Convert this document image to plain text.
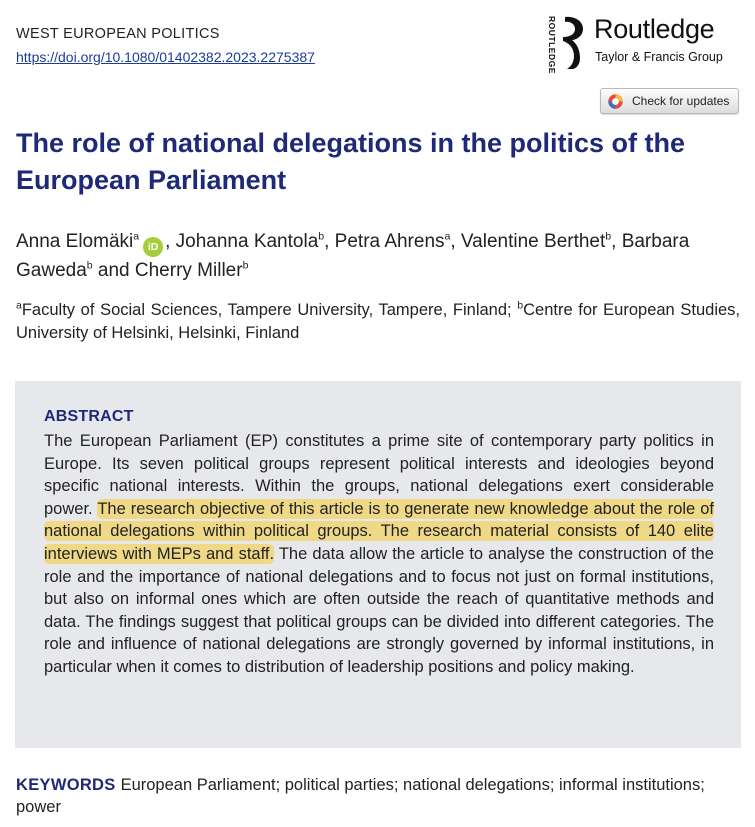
WEST EUROPEAN POLITICS
https://doi.org/10.1080/01402382.2023.2275387	ROUTLEDGE Routledge
Taylor & Francis Group
Check for updates
The role of national delegations in the politics of the European Parliament
Anna Elomäki$^a$iD , Johanna Kantola$^b$, Petra Ahrens$^a$, Valentine Berthet$^b$, Barbara Gaweda$^b$ and Cherry Miller$^b$
$^a$Faculty of Social Sciences, Tampere University, Tampere, Finland; $^b$Centre for European Studies, University of Helsinki, Helsinki, Finland
ABSTRACT

The European Parliament (EP) constitutes a prime site of contemporary party politics in Europe. Its seven political groups represent political interests and ideologies beyond specific national interests. Within the groups, national delegations exert considerable power. The research objective of this article is to generate new knowledge about the role of national delegations within political groups. The research material consists of 140 elite interviews with MEPs and staff. The data allow the article to analyse the construction of the role and the importance of national delegations and to focus not just on formal institutions, but also on informal ones which are often outside the reach of quantitative methods and data. The findings suggest that political groups can be divided into different categories. The role and influence of national delegations are strongly governed by informal institutions, in particular when it comes to distribution of leadership positions and policy making.

KEYWORDS European Parliament; political parties; national delegations; informal institutions; power
